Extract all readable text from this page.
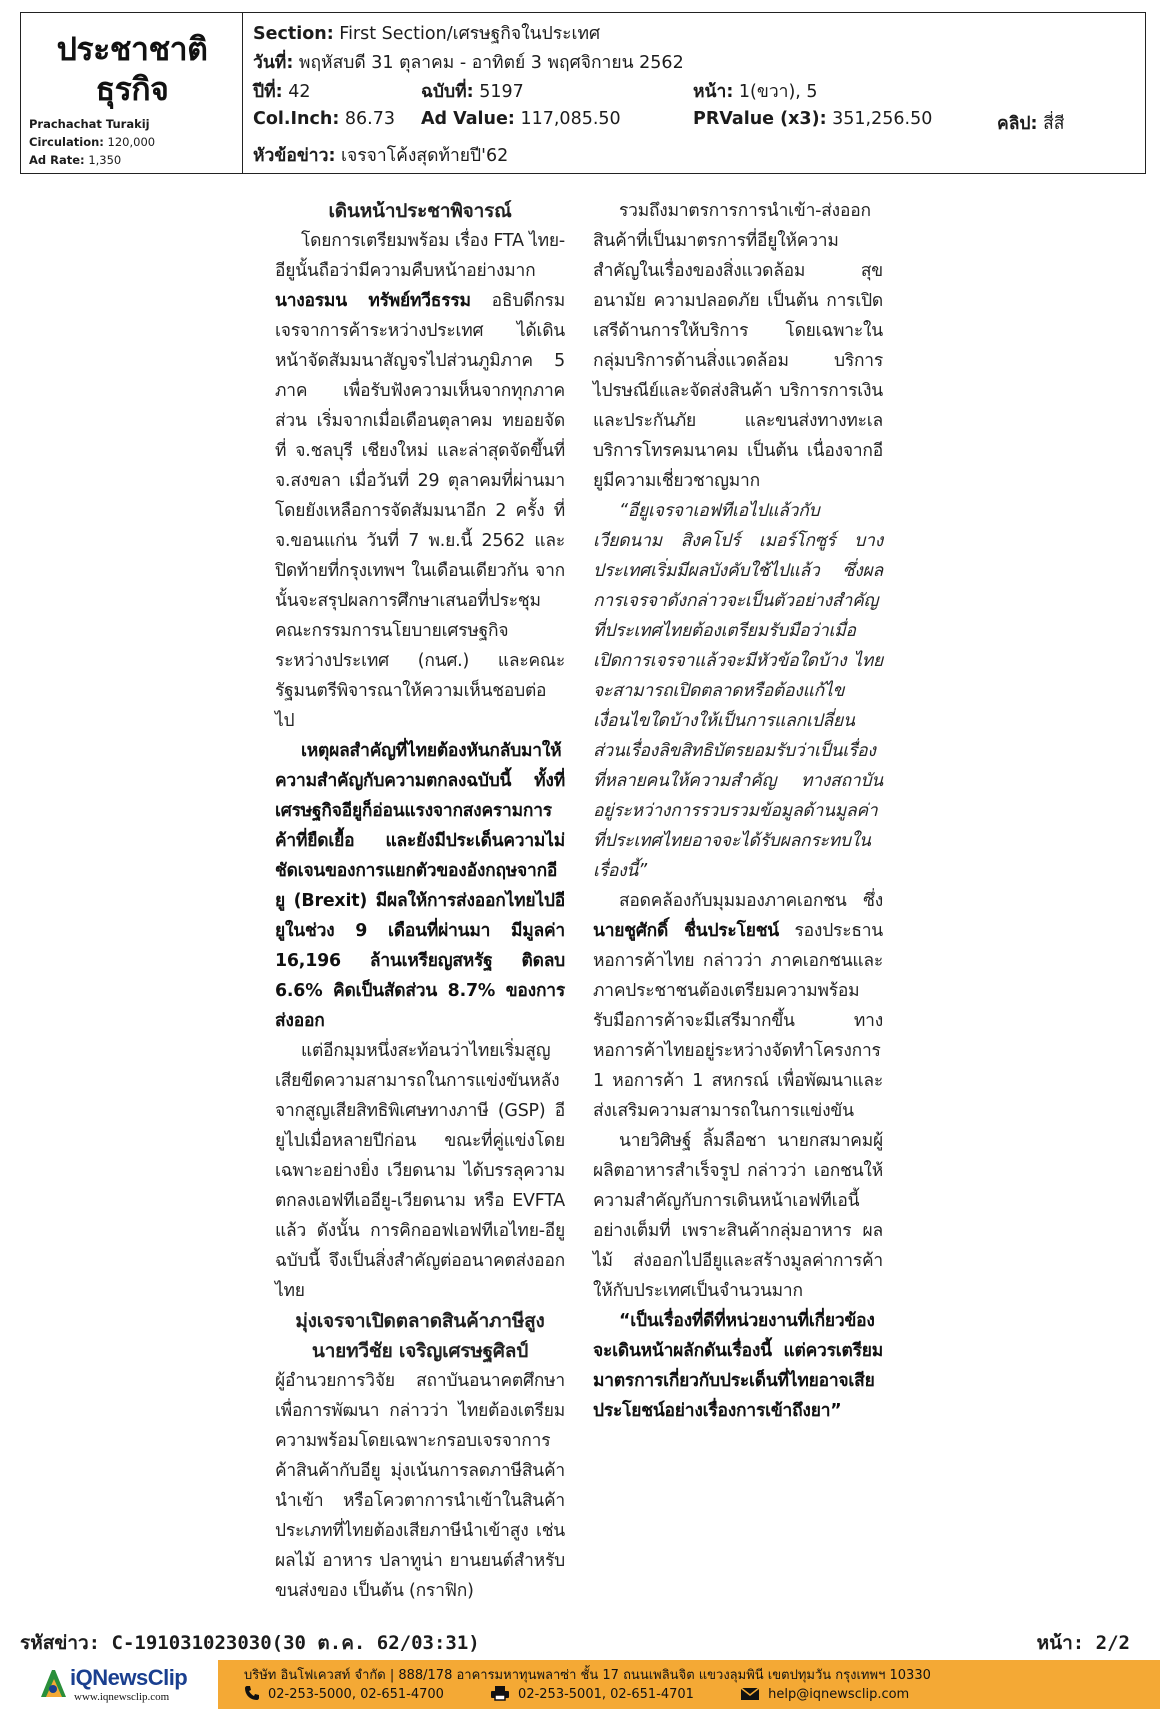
ประชาชาติ
ธุรกิจ
Prachachat Turakij
Circulation: 120,000
Ad Rate: 1,350
Section: First Section/เศรษฐกิจในประเทศ
วันที่: พฤหัสบดี 31 ตุลาคม - อาทิตย์ 3 พฤศจิกายน 2562
ปีที่: 42	ฉบับที่: 5197	หน้า: 1(ขวา), 5
Col.Inch: 86.73 Ad Value: 117,085.50	PRValue (x3): 351,256.50	คลิป: สี่สี
หัวข้อข่าว: เจรจาโค้งสุดท้ายปี'62

เดินหน้าประชาพิจารณ์

โดยการเตรียมพร้อม เรื่อง FTA ไทย-อียูนั้นถือว่ามีความคืบหน้าอย่างมาก นางอรมน ทรัพย์ทวีธรรม อธิบดีกรมเจรจาการค้าระหว่างประเทศ ได้เดินหน้าจัดสัมมนาสัญจรไปส่วนภูมิภาค 5 ภาค เพื่อรับฟังความเห็นจากทุกภาคส่วน เริ่มจากเมื่อเดือนตุลาคม ทยอยจัดที่ จ.ชลบุรี เชียงใหม่ และล่าสุดจัดขึ้นที่ จ.สงขลา เมื่อวันที่ 29 ตุลาคมที่ผ่านมา โดยยังเหลือการจัดสัมมนาอีก 2 ครั้ง ที่ จ.ขอนแก่น วันที่ 7 พ.ย.นี้ 2562 และปิดท้ายที่กรุงเทพฯ ในเดือนเดียวกัน จากนั้นจะสรุปผลการศึกษาเสนอที่ประชุมคณะกรรมการนโยบายเศรษฐกิจระหว่างประเทศ (กนศ.) และคณะรัฐมนตรีพิจารณาให้ความเห็นชอบต่อไป

เหตุผลสำคัญที่ไทยต้องหันกลับมาให้ความสำคัญกับความตกลงฉบับนี้ ทั้งที่เศรษฐกิจอียูก็อ่อนแรงจากสงครามการค้าที่ยืดเยื้อ และยังมีประเด็นความไม่ชัดเจนของการแยกตัวของอังกฤษจากอียู (Brexit) มีผลให้การส่งออกไทยไปอียูในช่วง 9 เดือนที่ผ่านมา มีมูลค่า 16,196 ล้านเหรียญสหรัฐ ติดลบ 6.6% คิดเป็นสัดส่วน 8.7% ของการส่งออก

แต่อีกมุมหนึ่งสะท้อนว่าไทยเริ่มสูญเสียขีดความสามารถในการแข่งขันหลังจากสูญเสียสิทธิพิเศษทางภาษี (GSP) อียูไปเมื่อหลายปีก่อน ขณะที่คู่แข่งโดยเฉพาะอย่างยิ่ง เวียดนาม ได้บรรลุความตกลงเอฟทีเออียู-เวียดนาม หรือ EVFTA แล้ว ดังนั้น การคิกออฟเอฟทีเอไทย-อียูฉบับนี้ จึงเป็นสิ่งสำคัญต่ออนาคตส่งออกไทย

มุ่งเจรจาเปิดตลาดสินค้าภาษีสูง

นายทวีชัย เจริญเศรษฐศิลป์

ผู้อำนวยการวิจัย สถาบันอนาคตศึกษาเพื่อการพัฒนา กล่าวว่า ไทยต้องเตรียมความพร้อมโดยเฉพาะกรอบเจรจาการค้าสินค้ากับอียู มุ่งเน้นการลดภาษีสินค้านำเข้า หรือโควตาการนำเข้าในสินค้าประเภทที่ไทยต้องเสียภาษีนำเข้าสูง เช่น ผลไม้ อาหาร ปลาทูน่า ยานยนต์สำหรับขนส่งของ เป็นต้น (กราฟิก)

รวมถึงมาตรการการนำเข้า-ส่งออกสินค้าที่เป็นมาตรการที่อียูให้ความสำคัญในเรื่องของสิ่งแวดล้อม สุขอนามัย ความปลอดภัย เป็นต้น การเปิดเสรีด้านการให้บริการ โดยเฉพาะในกลุ่มบริการด้านสิ่งแวดล้อม บริการไปรษณีย์และจัดส่งสินค้า บริการการเงินและประกันภัย และขนส่งทางทะเล บริการโทรคมนาคม เป็นต้น เนื่องจากอียูมีความเชี่ยวชาญมาก

“อียูเจรจาเอฟทีเอไปแล้วกับเวียดนาม สิงคโปร์ เมอร์โกซูร์ บางประเทศเริ่มมีผลบังคับใช้ไปแล้ว ซึ่งผลการเจรจาดังกล่าวจะเป็นตัวอย่างสำคัญที่ประเทศไทยต้องเตรียมรับมือว่าเมื่อเปิดการเจรจาแล้วจะมีหัวข้อใดบ้าง ไทยจะสามารถเปิดตลาดหรือต้องแก้ไขเงื่อนไขใดบ้างให้เป็นการแลกเปลี่ยน ส่วนเรื่องลิขสิทธิบัตรยอมรับว่าเป็นเรื่องที่หลายคนให้ความสำคัญ ทางสถาบันอยู่ระหว่างการรวบรวมข้อมูลด้านมูลค่าที่ประเทศไทยอาจจะได้รับผลกระทบในเรื่องนี้”

สอดคล้องกับมุมมองภาคเอกชน ซึ่ง นายชูศักดิ์ ชื่นประโยชน์ รองประธานหอการค้าไทย กล่าวว่า ภาคเอกชนและภาคประชาชนต้องเตรียมความพร้อมรับมือการค้าจะมีเสรีมากขึ้น ทางหอการค้าไทยอยู่ระหว่างจัดทำโครงการ 1 หอการค้า 1 สหกรณ์ เพื่อพัฒนาและส่งเสริมความสามารถในการแข่งขัน

นายวิศิษฐ์ ลิ้มลือชา นายกสมาคมผู้ผลิตอาหารสำเร็จรูป กล่าวว่า เอกชนให้ความสำคัญกับการเดินหน้าเอฟทีเอนี้อย่างเต็มที่ เพราะสินค้ากลุ่มอาหาร ผลไม้ ส่งออกไปอียูและสร้างมูลค่าการค้าให้กับประเทศเป็นจำนวนมาก

“เป็นเรื่องที่ดีที่หน่วยงานที่เกี่ยวข้องจะเดินหน้าผลักดันเรื่องนี้ แต่ควรเตรียมมาตรการเกี่ยวกับประเด็นที่ไทยอาจเสียประโยชน์อย่างเรื่องการเข้าถึงยา”

รหัสข่าว: C-191031023030(30 ต.ค. 62/03:31)	หน้า: 2/2
iQNewsClip
www.iqnewsclip.com
บริษัท อินโฟเควสท์ จำกัด | 888/178 อาคารมหาทุนพลาซ่า ชั้น 17 ถนนเพลินจิต แขวงลุมพินี เขตปทุมวัน กรุงเทพฯ 10330
02-253-5000, 02-651-4700	02-253-5001, 02-651-4701	help@iqnewsclip.com
